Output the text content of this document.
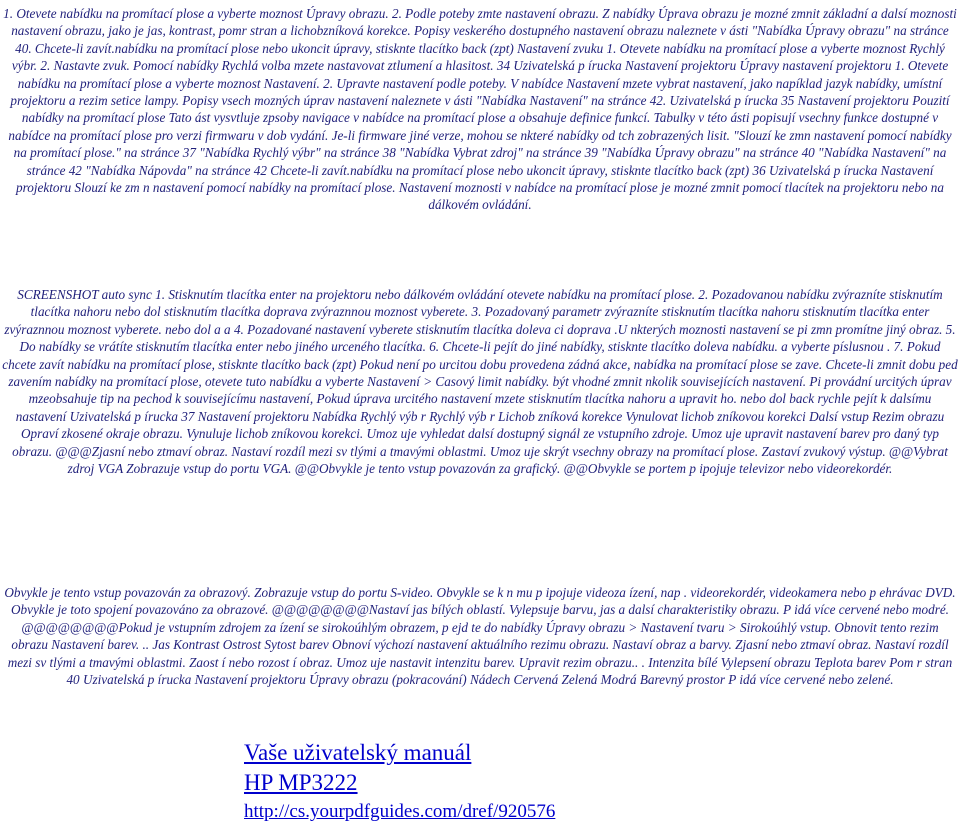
1. Otevete nabídku na promítací plose a vyberte moznost Úpravy obrazu. 2. Podle poteby zmte nastavení obrazu. Z nabídky Úprava obrazu je mozné zmnit základní a dalsí moznosti nastavení obrazu, jako je jas, kontrast, pomr stran a lichobzníková korekce. Popisy veskerého dostupného nastavení obrazu naleznete v ásti "Nabídka Úpravy obrazu" na stránce 40. Chcete-li zavít.nabídku na promítací plose nebo ukoncit úpravy, stisknte tlacítko back (zpt) Nastavení zvuku 1. Otevete nabídku na promítací plose a vyberte moznost Rychlý výbr. 2. Nastavte zvuk. Pomocí nabídky Rychlá volba mzete nastavovat ztlumení a hlasitost. 34 Uzivatelská p írucka Nastavení projektoru Úpravy nastavení projektoru 1. Otevete nabídku na promítací plose a vyberte moznost Nastavení. 2. Upravte nastavení podle poteby. V nabídce Nastavení mzete vybrat nastavení, jako napíklad jazyk nabídky, umístní projektoru a rezim setice lampy. Popisy vsech mozných úprav nastavení naleznete v ásti "Nabídka Nastavení" na stránce 42. Uzivatelská p írucka 35 Nastavení projektoru Pouzití nabídky na promítací plose Tato ást vysvtluje zpsoby navigace v nabídce na promítací plose a obsahuje definice funkcí. Tabulky v této ásti popisují vsechny funkce dostupné v nabídce na promítací plose pro verzi firmwaru v dob vydání. Je-li firmware jiné verze, mohou se nkteré nabídky od tch zobrazených lisit. "Slouzí ke zmn nastavení pomocí nabídky na promítací plose." na stránce 37 "Nabídka Rychlý výbr" na stránce 38 "Nabídka Vybrat zdroj" na stránce 39 "Nabídka Úpravy obrazu" na stránce 40 "Nabídka Nastavení" na stránce 42 "Nabídka Nápovda" na stránce 42 Chcete-li zavít.nabídku na promítací plose nebo ukoncit úpravy, stisknte tlacítko back (zpt) 36 Uzivatelská p írucka Nastavení projektoru Slouzí ke zm n nastavení pomocí nabídky na promítací plose. Nastavení moznosti v nabídce na promítací plose je mozné zmnit pomocí tlacítek na projektoru nebo na dálkovém ovládání.

SCREENSHOT auto sync 1. Stisknutím tlacítka enter na projektoru nebo dálkovém ovládání otevete nabídku na promítací plose. 2. Pozadovanou nabídku zvýrazníte stisknutím tlacítka nahoru nebo dol stisknutím tlacítka doprava zvýraznnou moznost vyberete. 3. Pozadovaný parametr zvýrazníte stisknutím tlacítka nahoru stisknutím tlacítka enter zvýraznnou moznost vyberete. nebo dol a a 4. Pozadované nastavení vyberete stisknutím tlacítka doleva ci doprava .U nkterých moznosti nastavení se pi zmn promítne jiný obraz. 5. Do nabídky se vrátíte stisknutím tlacítka enter nebo jiného urceného tlacítka. 6. Chcete-li pejít do jiné nabídky, stisknte tlacítko doleva nabídku. a vyberte píslusnou . 7. Pokud chcete zavít nabídku na promítací plose, stisknte tlacítko back (zpt) Pokud není po urcitou dobu provedena zádná akce, nabídka na promítací plose se zave. Chcete-li zmnit dobu ped zavením nabídky na promítací plose, otevete tuto nabídku a vyberte Nastavení > Casový limit nabídky. být vhodné zmnit nkolik souvisejících nastavení. Pi provádní urcitých úprav mzeobsahuje tip na pechod k souvisejícímu nastavení, Pokud úprava urcitého nastavení mzete stisknutím tlacítka nahoru a upravit ho. nebo dol back rychle pejít k dalsímu nastavení Uzivatelská p írucka 37 Nastavení projektoru Nabídka Rychlý výb r Rychlý výb r Lichob zníková korekce Vynulovat lichob zníkovou korekci Dalsí vstup Rezim obrazu Opraví zkosené okraje obrazu. Vynuluje lichob zníkovou korekci. Umoz uje vyhledat dalsí dostupný signál ze vstupního zdroje. Umoz uje upravit nastavení barev pro daný typ obrazu. @@@Zjasní nebo ztmaví obraz. Nastaví rozdíl mezi sv tlými a tmavými oblastmi. Umoz uje skrýt vsechny obrazy na promítací plose. Zastaví zvukový výstup. @@Vybrat zdroj VGA Zobrazuje vstup do portu VGA. @@Obvykle je tento vstup povazován za grafický. @@Obvykle se portem p ipojuje televizor nebo videorekordér.

Obvykle je tento vstup povazován za obrazový. Zobrazuje vstup do portu S-video. Obvykle se k n mu p ipojuje videoza ízení, nap . videorekordér, videokamera nebo p ehrávac DVD. Obvykle je toto spojení povazováno za obrazové. @@@@@@@@Nastaví jas bílých oblastí. Vylepsuje barvu, jas a dalsí charakteristiky obrazu. P idá více cervené nebo modré. @@@@@@@@Pokud je vstupním zdrojem za ízení se sirokoúhlým obrazem, p ejd te do nabídky Úpravy obrazu > Nastavení tvaru > Sirokoúhlý vstup. Obnovit tento rezim obrazu Nastavení barev. .. Jas Kontrast Ostrost Sytost barev Obnoví výchozí nastavení aktuálního rezimu obrazu. Nastaví obraz a barvy. Zjasní nebo ztmaví obraz. Nastaví rozdíl mezi sv tlými a tmavými oblastmi. Zaost í nebo rozost í obraz. Umoz uje nastavit intenzitu barev. Upravit rezim obrazu.. . Intenzita bílé Vylepsení obrazu Teplota barev Pom r stran 40 Uzivatelská p írucka Nastavení projektoru Úpravy obrazu (pokracování) Nádech Cervená Zelená Modrá Barevný prostor P idá více cervené nebo zelené.

Vaše uživatelský manuál
HP MP3222
http://cs.yourpdfguides.com/dref/920576
